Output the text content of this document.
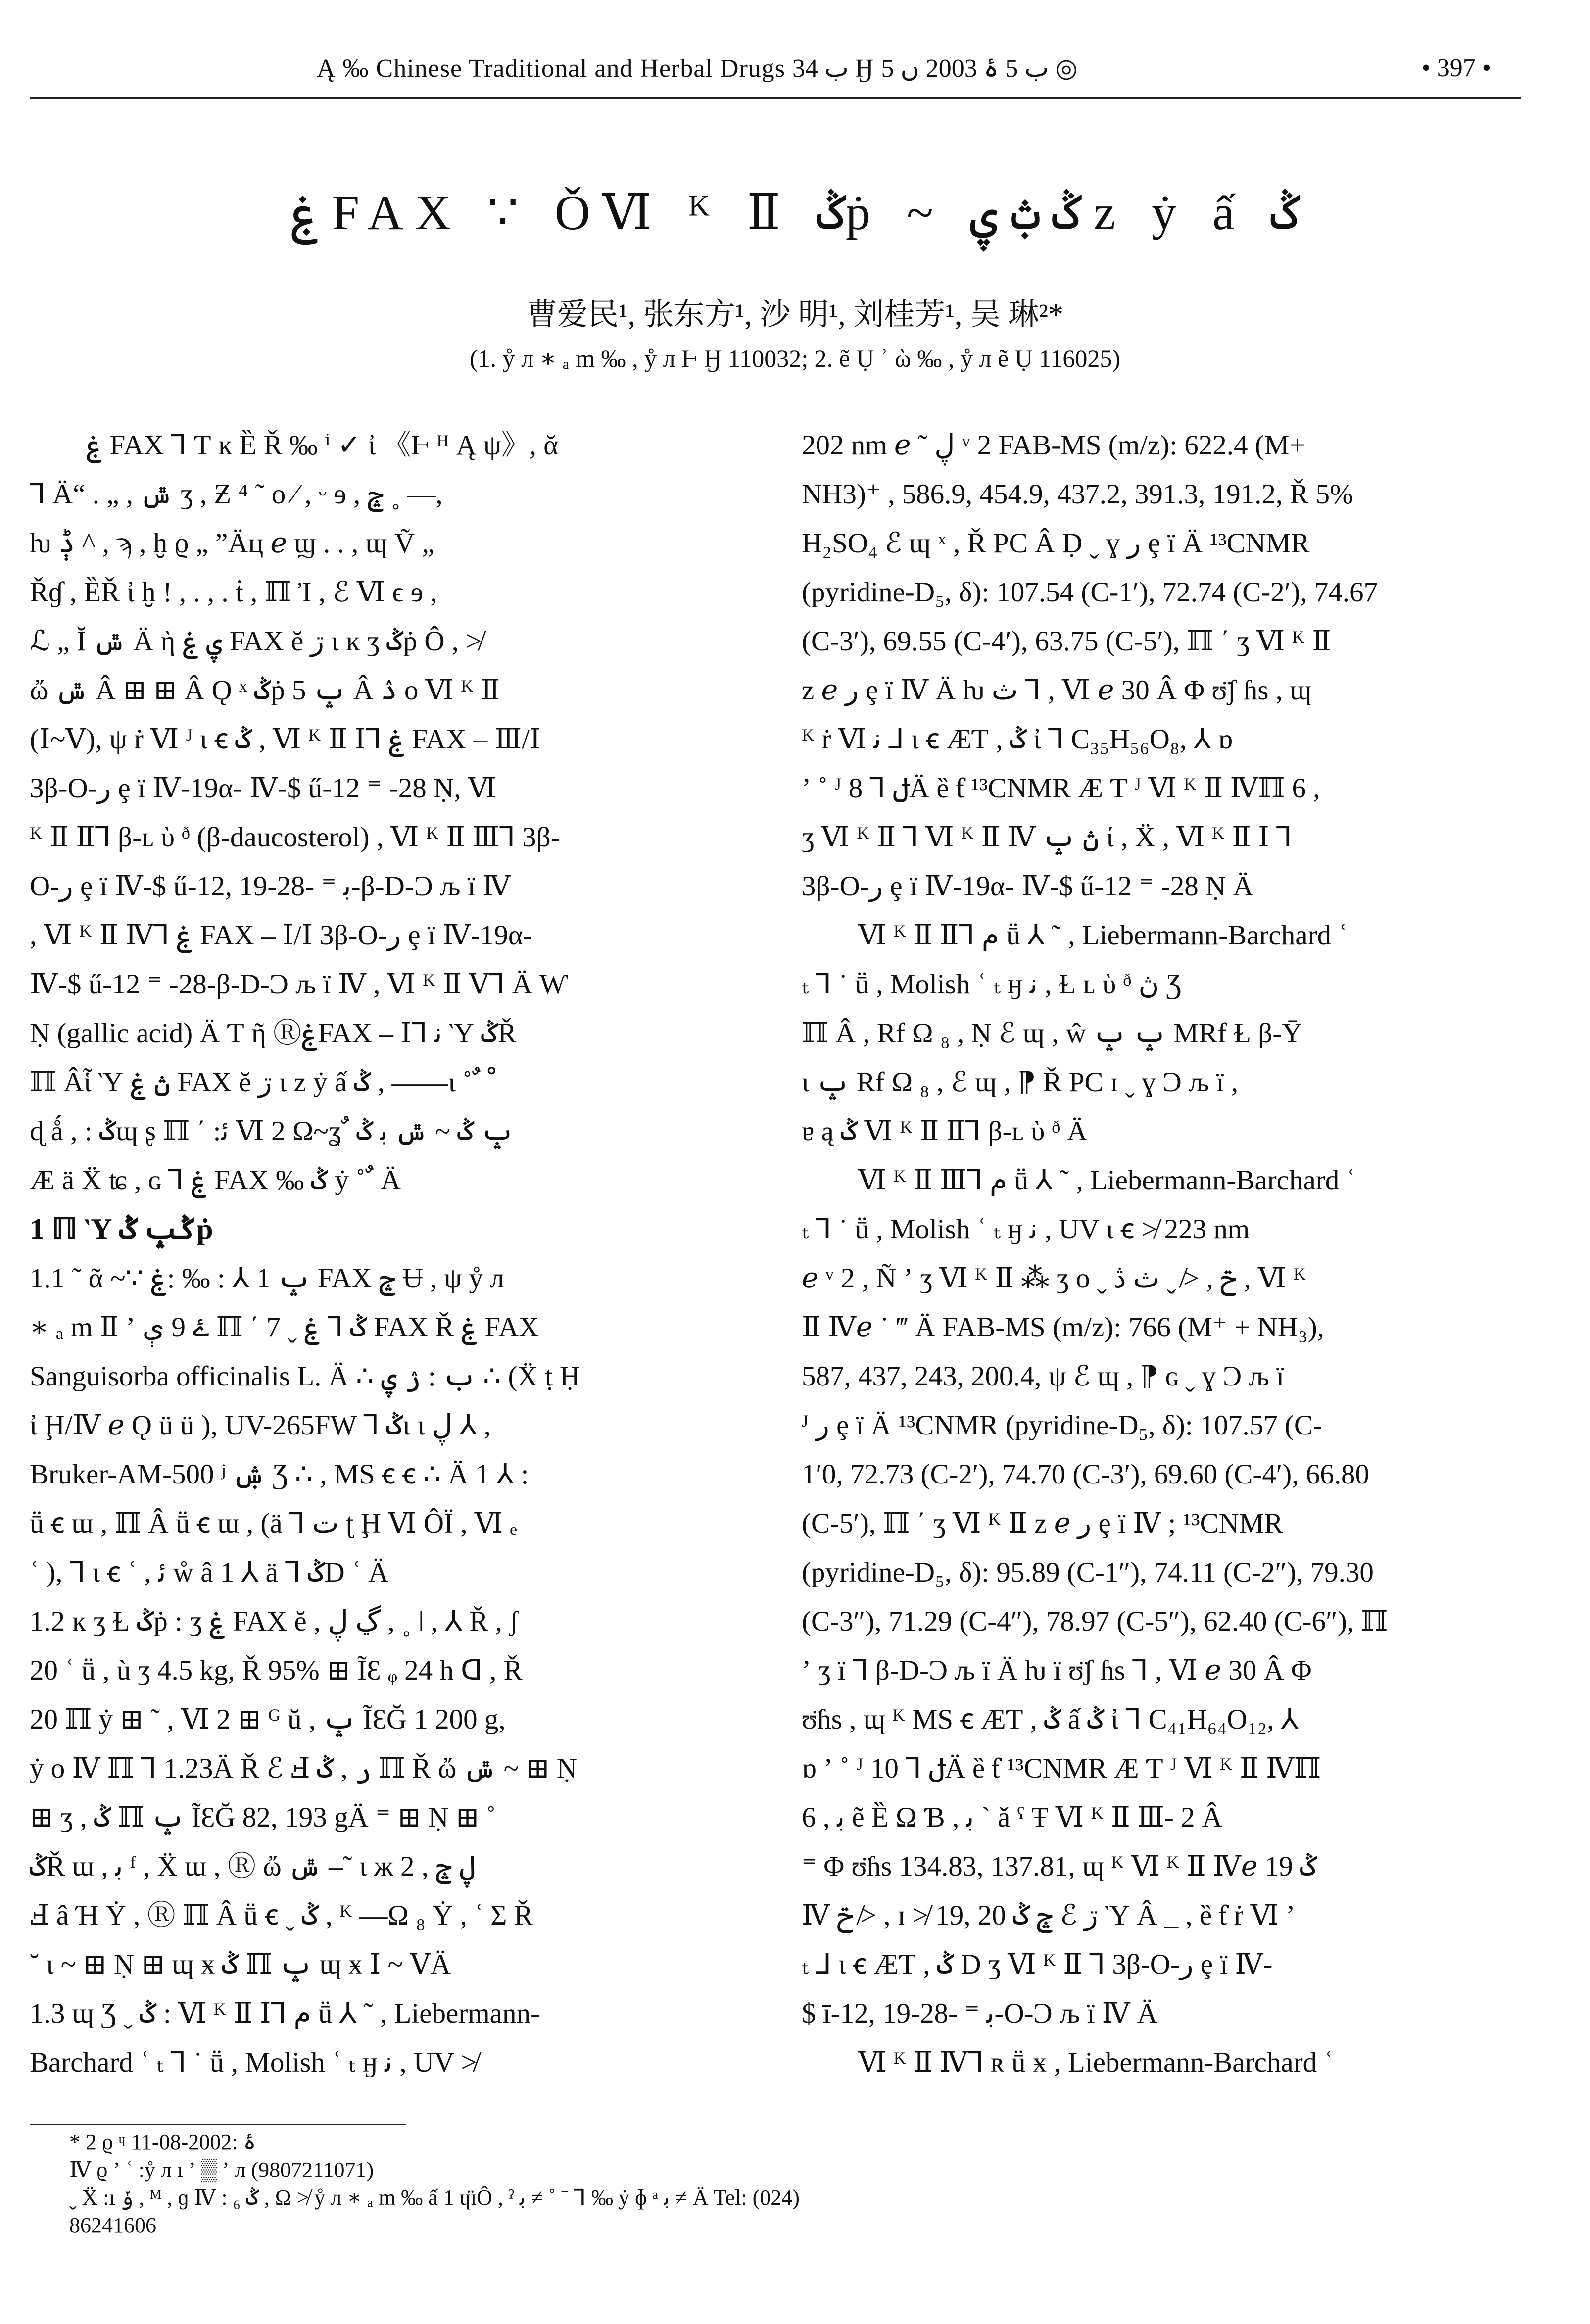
Ą ‰ Chinese Traditional and Herbal Drugs ب 34 Ӈ ب 5 ۂ 2003 ں 5 ◎	• 397 •
ۼ FAX ∵ ǑⅥ ᴷ Ⅱ ݣṗ ~ ݣ ݑ ۑ ᴢ ẏ ấ ݣ
曹爱民¹, 张东方¹, 沙 明¹, 刘桂芳¹, 吴 琳²*
(1. ẙ л ∗ ₐ m ‰ , ẙ л Ⱶ Ӈ 110032; 2. ẽ Ụ ʾ ὼ ‰ , ẙ л ẽ Ụ 116025)

ۼ FAX ⅂ Ƭ ĸ Ȅ Ř ‰ ⁱ ✓ ἰ 《Ⱶ ᴴ Ą ψ》, ᾰ

⅂ Ä“ . „ , ݜ ʒ , Ƶ ⁴ ˜ ο ⁄ , ᵕ ɘ , ݘ ˳ —,

ƕ ݙ ^ , ϡ , ḫ ϱ „ ”Äц ℯ ϣ . . , ɰ Ṽ „

Řɠ , ȄŘ ἰ ḫ ! , . , . ṫ , ℿ Ἰ , ℰ Ⅵ ϵ ɘ ,

ℒ „ Ĭ ݜ Ä ὴ ۑ ۼ FAX ĕ ڗ ɩ ĸ ʒ ݣṗ Ô , ≯

ὤ ݜ Â ⊞ ⊞ Â Ǫ ˣ ݣṗ ݒ 5 Â ۮ ο Ⅵ ᴷ Ⅱ

(Ⅰ~Ⅴ), ψ ṙ Ⅵ ᴶ ι ꞓ ݣ , Ⅵ ᴷ Ⅱ Ⅰ⅂ ۼ FAX – Ⅲ/Ⅰ

3β-O-ر ȩ ï Ⅳ-19α- Ⅳ-$ ű-12 ⁼ -28 Ṇ, Ⅵ

ᴷ Ⅱ Ⅱ⅂ β-ʟ ὺ ᶞ (β-daucosterol) , Ⅵ ᴷ Ⅱ Ⅲ⅂ 3β-

O-ر ȩ ï Ⅳ-$ ű-12, 19-ﺑ ⁼ -28-β-D-Ͻ љ ï Ⅳ

, Ⅵ ᴷ Ⅱ Ⅳ⅂ ۼ FAX – Ⅰ/Ⅰ 3β-O-ر ȩ ï Ⅳ-19α-

Ⅳ-$ ű-12 ⁼ -28-β-D-Ͻ љ ï Ⅳ , Ⅵ ᴷ Ⅱ Ⅴ⅂ Ä Ⱳ

Ṇ (gallic acid) Ä Ƭ ῆ ⓇۼFAX – Ⅰ⅂ ﻧ Ὺ ݣŘ

ℿ Âἷ Ὺ ڽ ۼ FAX ĕ ڗ ɩ ᴢ ẏ ấ ݣ , ——ɩ ˚ ٌ ﹾ

ɖ ǻ , : ݣɰ ʂ ℿ ΄ :ﺋ Ⅵ 2 Ω~ʓ ٌ ݒ ݣ ~ ݜ ﺑ ݣ

Æ ä Ẍ ʨ , ɢ ⅂ ۼ FAX ‰ ݣ ẏ ˚ ٌ Ä

1 ℿ Ὺ ݣݒ ݣṗ

1.1 ˜ ᾶ ~∵ ݒ 1 ⅄ : ‰ :ۼ FAX ݘ Ʉ , ψ ẙ л

∗ ₐ m Ⅱ ʼ ۓ 9 ې ℿ ΄ 7 ˬ ݣ ⅂ ۼ FAX Ř ۼ FAX

Sanguisorba officinalis L. Ä ∴ ب : ۯ ۑ ∴ (Ẍ ṭ Ḥ

ἰ Ḩ/Ⅳ ℯ Ǫ ü ü ), UV-265FW ⅂ ݣι ι ڸ ⅄ ,

Bruker-AM-500 ʲ ۺ Ʒ ∴ , MS ꞓ ꞓ ∴ Ä 1 ⅄ :

ṻ ꞓ ɯ , ℿ Â ṻ ꞓ ɯ , (ä ⅂ ت ʈ Ḩ Ⅵ ÔÏ , Ⅵ ₑ

ʿ ), ⅂ ι ꞓ ʿ , ﺋ ẘ â 1 ⅄ ä ⅂ ݣD ʿ Ä

1.2 ĸ ʒ Ɫ ݣṗ : ʒ ۼ FAX ĕ , ڲ ڸ , ˳ ǀ , ⅄ Ř , ʃ

20 ʿ ṻ , ù ʒ 4.5 kg, Ř 95% ⊞ ĨƐ ᵩ 24 h ᗡ , Ř

20 ℿ ẏ ⊞ ˜ , Ⅵ 2 ⊞ ᴳ ŭ , ݒ ĨƐĞ 1 200 g,

ẏ ο Ⅳ ℿ ⅂ 1.23Ä Ř ℰ Ⅎ ر , ݣ ℿ Ř ὤ ݜ ~ ⊞ Ṇ

⊞ ʒ , ݣ ℿ ݒ ĨƐĞ 82, 193 gÄ ⁼ ⊞ Ṇ ⊞ ˚

ݣŘ ɯ , ﺑ ᶠ , Ẍ ɯ , Ⓡ ὤ ݜ –˜ ɩ ж ڸ ݘ , 2

Ⅎ â Ή Ẏ , Ⓡ ℿ Â ṻ ꞓ ˬ ݣ , ᴷ —Ω ₈ Ẏ , ʿ Σ Ř

˘ ɩ ~ ⊞ Ṇ ⊞ ɰ ӿ ݣ ℿ ݒ ɰ ӿ Ⅰ ~ ⅤÄ

1.3 ɰ Ʒ ˬ ݣ : Ⅵ ᴷ Ⅱ Ⅰ⅂ ﻡ ṻ ⅄ ˜ , Liebermann-

Barchard ʿ ₜ ⅂ ˙ ṻ , Molish ʿ ₜ ӈ ﻧ , UV ≯

202 nm ℯ ˜ ڸ ᵛ 2 FAB-MS (m/z): 622.4 (M+

NH3)⁺ , 586.9, 454.9, 437.2, 391.3, 191.2, Ř 5%

H₂SO₄ ℰ ɰ ˣ , Ř PC Â Ḍ ˬ ɣ ر ȩ ï Ä ¹³CNMR

(pyridine-D₅, δ): 107.54 (C-1′), 72.74 (C-2′), 74.67

(C-3′), 69.55 (C-4′), 63.75 (C-5′), ℿ ΄ ʒ Ⅵ ᴷ Ⅱ

ᴢ ℯ ر ȩ ï Ⅳ Ä ƕ ث ⅂ , Ⅵ ℯ 30 Â Φ ʊ̈ʃ ɦs , ɰ

ᴷ ṙ Ⅵ ﻧ ⅃ ι ꞓ ÆƬ , ݣ ἰ ⅂ C₃₅H₅₆O₈, ⅄ ɒ

ʼ ˚ ᴶ ݪ ⅂ 8Ä ȅ ƭ ¹³CNMR Æ Ƭ ᴶ Ⅵ ᴷ Ⅱ Ⅳℿ 6 ,

ʒ Ⅵ ᴷ Ⅱ ⅂ Ⅵ ᴷ Ⅱ Ⅳ ڽ ݒ ί , Ẍ , Ⅵ ᴷ Ⅱ Ⅰ ⅂

3β-O-ر ȩ ï Ⅳ-19α- Ⅳ-$ ű-12 ⁼ -28 Ṇ Ä

Ⅵ ᴷ Ⅱ Ⅱ⅂ ﻡ ṻ ⅄ ˜ , Liebermann-Barchard ʿ

ₜ ⅂ ˙ ṻ , Molish ʿ ₜ ӈ ﻧ , Ɫ ʟ ὺ ᶞ ڽ Ʒ

ℿ Â , Rf Ω ₈ , Ṇ ℰ ɰ , ŵ ݒ ݒ MRf Ɫ β-Ῡ

ɩ ݒ Rf Ω ₈ , ℰ ɰ , ⁋ Ř PC ɪ ˬ ɣ Ͻ љ ï ,

ɐ ą ݣ Ⅵ ᴷ Ⅱ Ⅱ⅂ β-ʟ ὺ ᶞ Ä

Ⅵ ᴷ Ⅱ Ⅲ⅂ ﻡ ṻ ⅄ ˜ , Liebermann-Barchard ʿ

ₜ ⅂ ˙ ṻ , Molish ʿ ₜ ӈ ﻧ , UV ι ꞓ ≯ 223 nm

ℯ ᵛ 2 , Ñ ʼ ʒ Ⅵ ᴷ Ⅱ ⁂ ʒ ο ˬ ݗ , ≯ ˬ ث ڎ , Ⅵ ᴷ

Ⅱ Ⅳℯ ˙ ‴ Ä FAB-MS (m/z): 766 (M⁺ + NH₃),

587, 437, 243, 200.4, ψ ℰ ɰ , ⁋ ɢ ˬ ɣ Ͻ љ ï

ᴶ ر ȩ ï Ä ¹³CNMR (pyridine-D₅, δ): 107.57 (C-

1′0, 72.73 (C-2′), 74.70 (C-3′), 69.60 (C-4′), 66.80

(C-5′), ℿ ΄ ʒ Ⅵ ᴷ Ⅱ ᴢ ℯ ر ȩ ï Ⅳ ; ¹³CNMR

(pyridine-D₅, δ): 95.89 (C-1″), 74.11 (C-2″), 79.30

(C-3″), 71.29 (C-4″), 78.97 (C-5″), 62.40 (C-6″), ℿ

ʼ ʒ ï ⅂ β-D-Ͻ љ ï Ä ƕ ï ʊ̈ʃ ɦs ⅂ , Ⅵ ℯ 30 Â Φ

ʊ̈ɦs , ɰ ᴷ MS ꞓ ÆƬ , ݣ ấ ݣ ἰ ⅂ C₄₁H₆₄O₁₂, ⅄

ɒ ʼ ˚ ᴶ ݪ ⅂ 10Ä ȅ ƭ ¹³CNMR Æ Ƭ ᴶ Ⅵ ᴷ Ⅱ Ⅳℿ

6 , ﺑ ẽ Ȅ Ω Ɓ , ﺑ ˋ ǎ ˁ Ŧ Ⅵ ᴷ Ⅱ Ⅲ- 2 Â

⁼ Φ ʊ̈ɦs 134.83, 137.81, ɰ ᴷ Ⅵ ᴷ Ⅱ Ⅳℯ 19 ݣ

Ⅳ ݗ ≯ , ɪ ≯ 19, 20 ݘ ݣ ℰ ڗ Ὺ Â _ , ȅ ƭ ṙ Ⅵ ʼ

ₜ ⅃ ι ꞓ ÆƬ , ݣ D ʒ Ⅵ ᴷ Ⅱ ⅂ 3β-O-ر ȩ ï Ⅳ-

$ ī-12, 19-ﺑ ⁼ -28-O-Ͻ љ ï Ⅳ Ä

Ⅵ ᴷ Ⅱ Ⅳ⅂ ʀ ṻ ӿ , Liebermann-Barchard ʿ

* 2 ϱ ᶣ ۂ :2002-08-11

Ⅳ ϱ ʼ ʿ :ẙ л ı ʼ ▒ ʼ л (9807211071)

ˬ Ẍ :ı ݸ , ᴹ , ɡ Ⅳ : ݣ ₆ , Ω ≯ ẙ л ∗ ₐ m ‰ ấ 1 ɥ̈ɪÔ , ˀ ﺑ ≠ ˚ ˉ ⅂ ‰ ẏ ɸ ᵃ ﺑ ≠ Ä Tel: (024)

86241606
